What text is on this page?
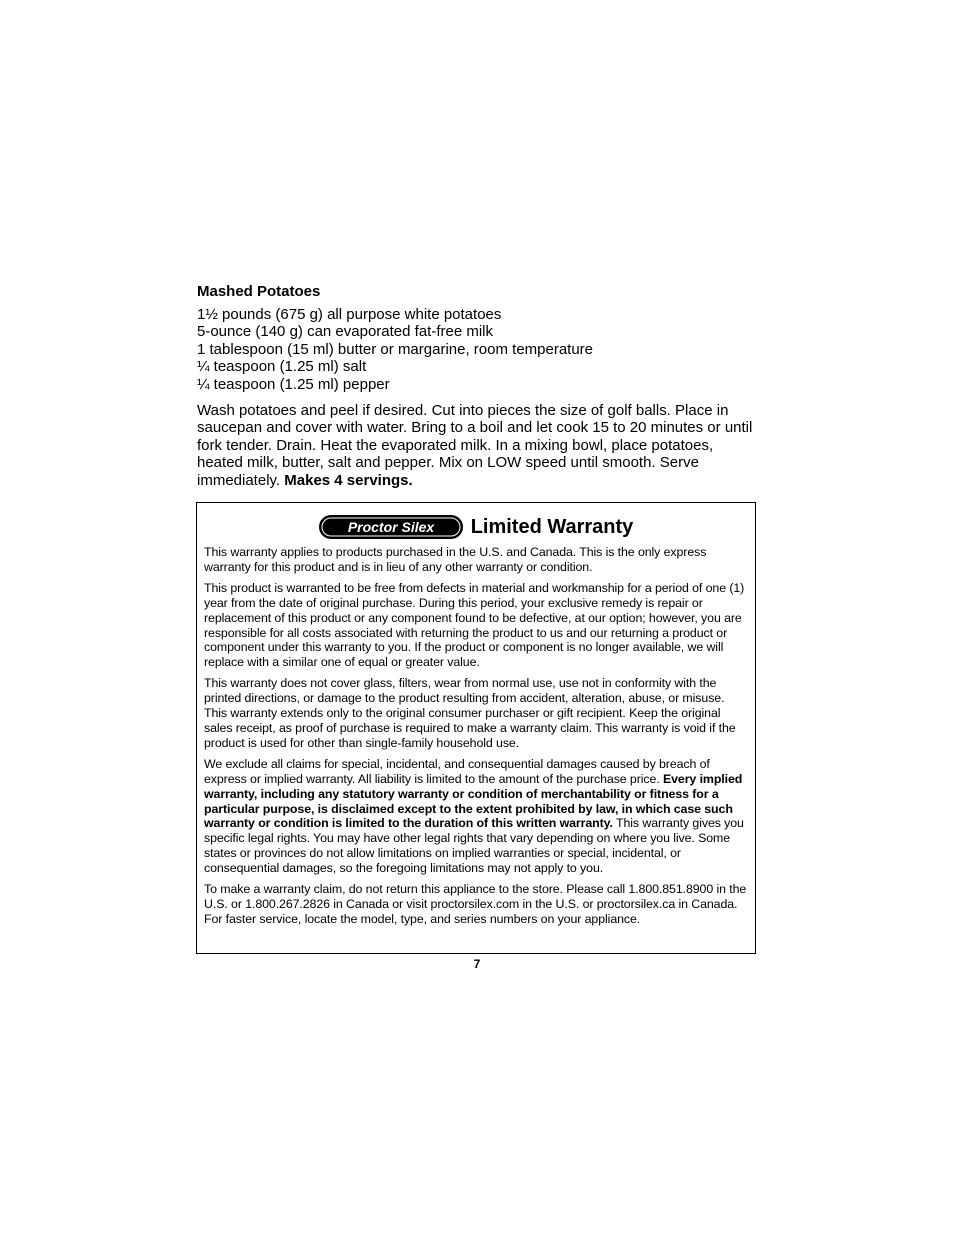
Mashed Potatoes
1½ pounds (675 g) all purpose white potatoes
5-ounce (140 g) can evaporated fat-free milk
1 tablespoon (15 ml) butter or margarine, room temperature
¼ teaspoon (1.25 ml) salt
¼ teaspoon (1.25 ml) pepper

Wash potatoes and peel if desired. Cut into pieces the size of golf balls. Place in saucepan and cover with water. Bring to a boil and let cook 15 to 20 minutes or until fork tender. Drain. Heat the evaporated milk. In a mixing bowl, place potatoes, heated milk, butter, salt and pepper. Mix on LOW speed until smooth. Serve immediately. Makes 4 servings.

Proctor Silex Limited Warranty

This warranty applies to products purchased in the U.S. and Canada. This is the only express warranty for this product and is in lieu of any other warranty or condition.

This product is warranted to be free from defects in material and workmanship for a period of one (1) year from the date of original purchase. During this period, your exclusive remedy is repair or replacement of this product or any component found to be defective, at our option; however, you are responsible for all costs associated with returning the product to us and our returning a product or component under this warranty to you. If the product or component is no longer available, we will replace with a similar one of equal or greater value.

This warranty does not cover glass, filters, wear from normal use, use not in conformity with the printed directions, or damage to the product resulting from accident, alteration, abuse, or misuse. This warranty extends only to the original consumer purchaser or gift recipient. Keep the original sales receipt, as proof of purchase is required to make a warranty claim. This warranty is void if the product is used for other than single-family household use.

We exclude all claims for special, incidental, and consequential damages caused by breach of express or implied warranty. All liability is limited to the amount of the purchase price. Every implied warranty, including any statutory warranty or condition of merchantability or fitness for a particular purpose, is disclaimed except to the extent prohibited by law, in which case such warranty or condition is limited to the duration of this written warranty. This warranty gives you specific legal rights. You may have other legal rights that vary depending on where you live. Some states or provinces do not allow limitations on implied warranties or special, incidental, or consequential damages, so the foregoing limitations may not apply to you.

To make a warranty claim, do not return this appliance to the store. Please call 1.800.851.8900 in the U.S. or 1.800.267.2826 in Canada or visit proctorsilex.com in the U.S. or proctorsilex.ca in Canada. For faster service, locate the model, type, and series numbers on your appliance.

7
